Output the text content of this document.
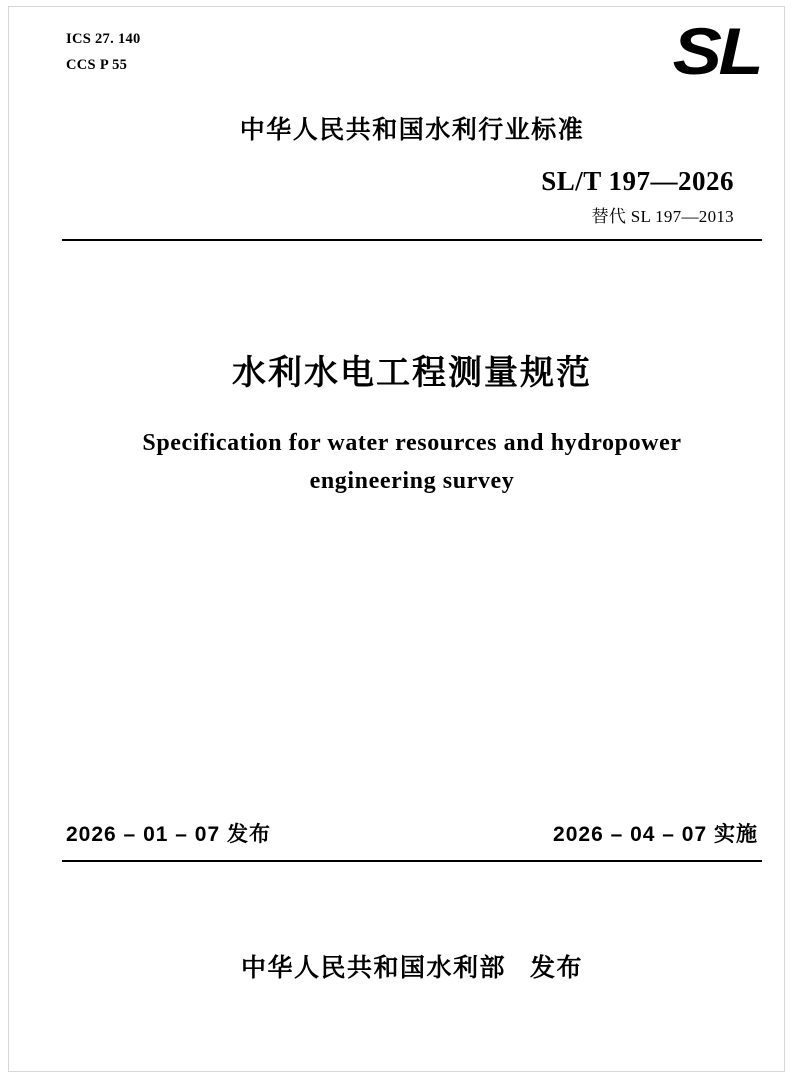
ICS 27. 140
CCS P 55	SL
中华人民共和国水利行业标准
SL/T 197—2026
替代 SL 197—2013
水利水电工程测量规范
Specification for water resources and hydropower
engineering survey
2026 – 01 – 07 发布	2026 – 04 – 07 实施
中华人民共和国水利部 发布
